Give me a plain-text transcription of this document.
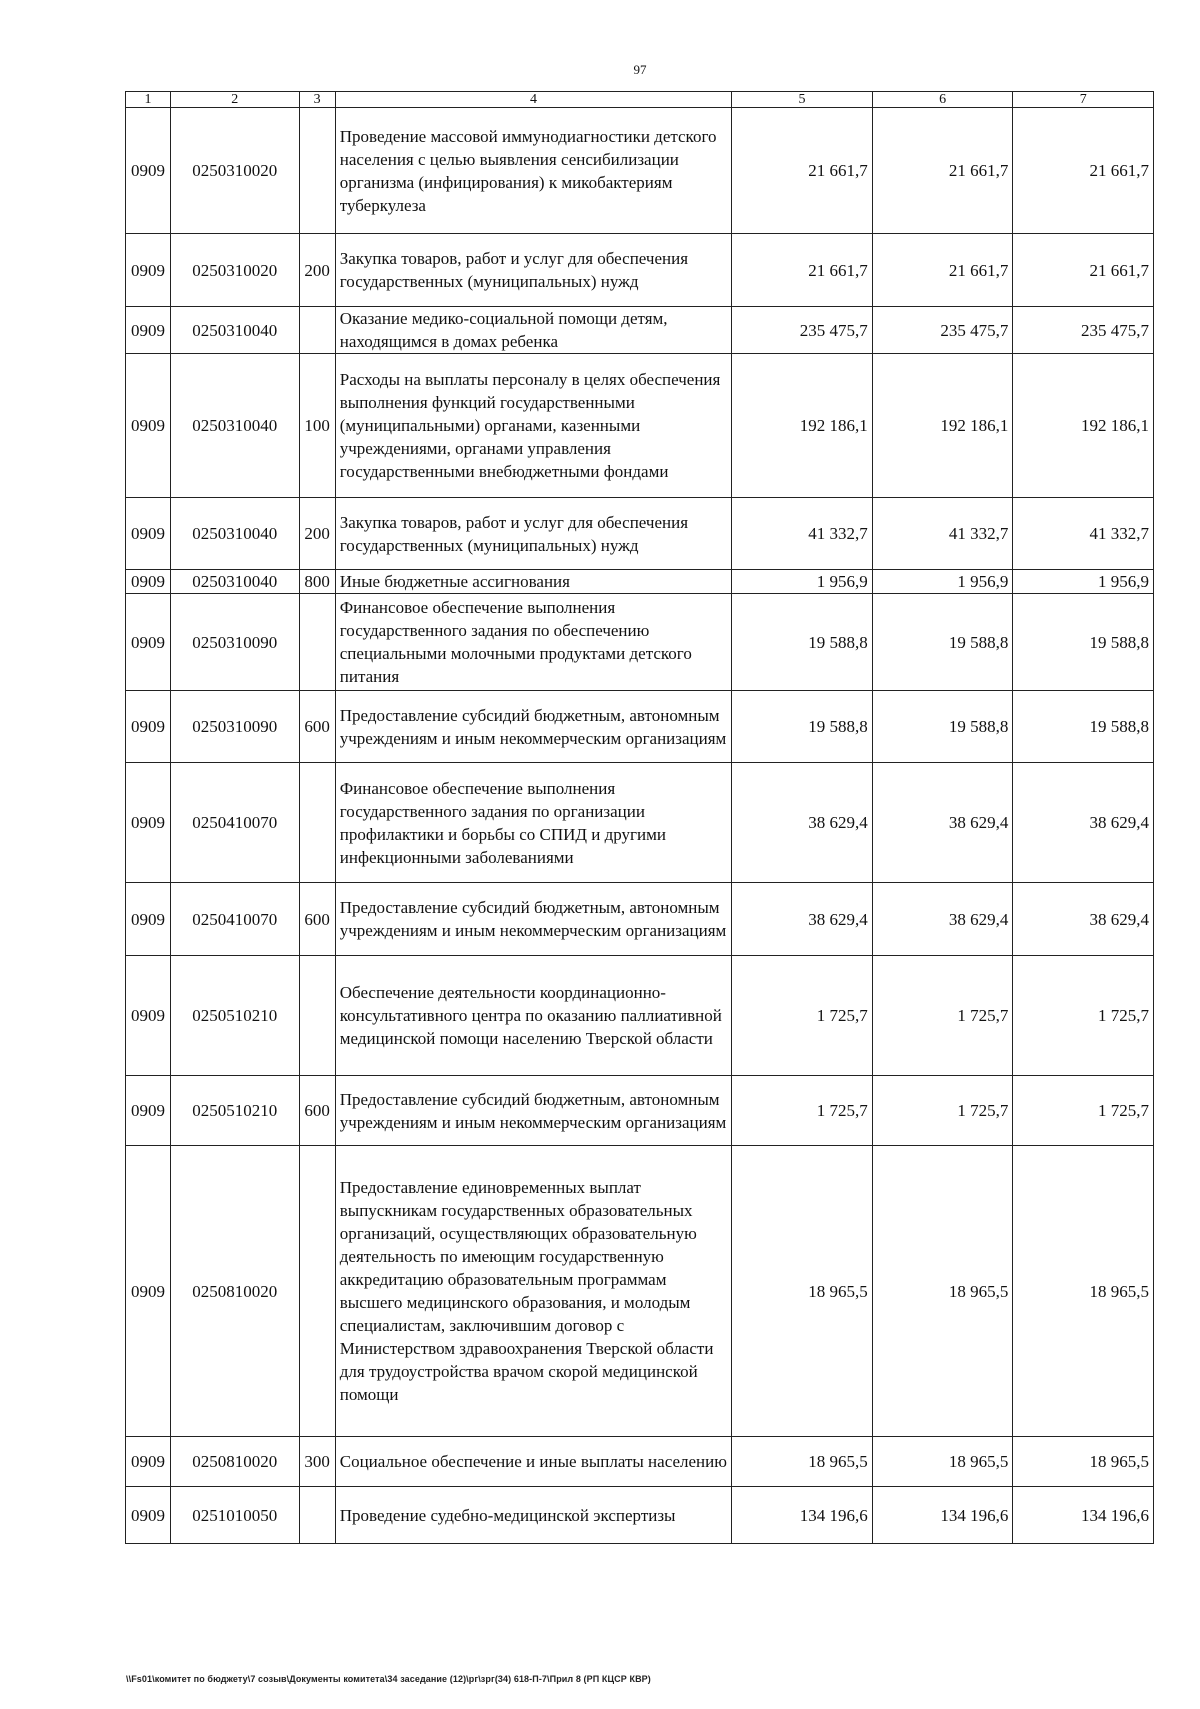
97
1	2	3	4	5	6	7
0909	0250310020		Проведение массовой иммунодиагностики детского населения с целью выявления сенсибилизации организма (инфицирования) к микобактериям туберкулеза	21 661,7	21 661,7	21 661,7
0909	0250310020	200	Закупка товаров, работ и услуг для обеспечения государственных (муниципальных) нужд	21 661,7	21 661,7	21 661,7
0909	0250310040		Оказание медико-социальной помощи детям, находящимся в домах ребенка	235 475,7	235 475,7	235 475,7
0909	0250310040	100	Расходы на выплаты персоналу в целях обеспечения выполнения функций государственными (муниципальными) органами, казенными учреждениями, органами управления государственными внебюджетными фондами	192 186,1	192 186,1	192 186,1
0909	0250310040	200	Закупка товаров, работ и услуг для обеспечения государственных (муниципальных) нужд	41 332,7	41 332,7	41 332,7
0909	0250310040	800	Иные бюджетные ассигнования	1 956,9	1 956,9	1 956,9
0909	0250310090		Финансовое обеспечение выполнения государственного задания по обеспечению специальными молочными продуктами детского питания	19 588,8	19 588,8	19 588,8
0909	0250310090	600	Предоставление субсидий бюджетным, автономным учреждениям и иным некоммерческим организациям	19 588,8	19 588,8	19 588,8
0909	0250410070		Финансовое обеспечение выполнения государственного задания по организации профилактики и борьбы со СПИД и другими инфекционными заболеваниями	38 629,4	38 629,4	38 629,4
0909	0250410070	600	Предоставление субсидий бюджетным, автономным учреждениям и иным некоммерческим организациям	38 629,4	38 629,4	38 629,4
0909	0250510210		Обеспечение деятельности координационно-консультативного центра по оказанию паллиативной медицинской помощи населению Тверской области	1 725,7	1 725,7	1 725,7
0909	0250510210	600	Предоставление субсидий бюджетным, автономным учреждениям и иным некоммерческим организациям	1 725,7	1 725,7	1 725,7
0909	0250810020		Предоставление единовременных выплат выпускникам государственных образовательных организаций, осуществляющих образовательную деятельность по имеющим государственную аккредитацию образовательным программам высшего медицинского образования, и молодым специалистам, заключившим договор с Министерством здравоохранения Тверской области для трудоустройства врачом скорой медицинской помощи	18 965,5	18 965,5	18 965,5
0909	0250810020	300	Социальное обеспечение и иные выплаты населению	18 965,5	18 965,5	18 965,5
0909	0251010050		Проведение судебно-медицинской экспертизы	134 196,6	134 196,6	134 196,6
\\Fs01\комитет по бюджету\7 созыв\Документы комитета\34 заседание (12)\рг\зрг(34) 618-П-7\Прил 8 (РП КЦСР КВР)
